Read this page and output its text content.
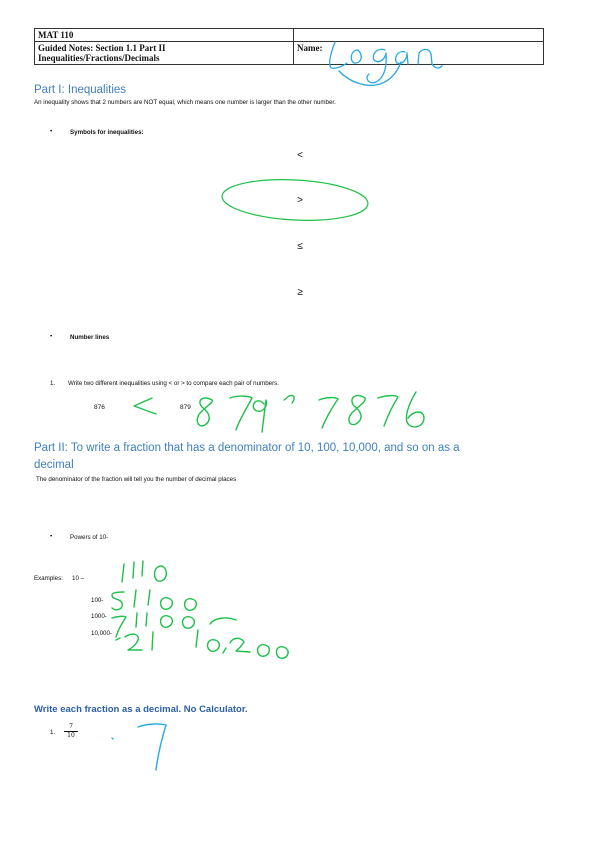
MAT 110	

Guided Notes: Section 1.1 Part II
Inequalities/Fractions/Decimals	Name:
Part I: Inequalities
An inequality shows that 2 numbers are NOT equal, which means one number is larger than the other number.
•	Symbols for inequalities:
<
>
≤
≥
•	Number lines
1. Write two different inequalities using < or > to compare each pair of numbers.
876	879
Part II: To write a fraction that has a denominator of 10, 100, 10,000, and so on as a
decimal
The denominator of the fraction will tell you the number of decimal places
•	Powers of 10-
Examples: 10 –
100-
1000-
10,000-
Write each fraction as a decimal. No Calculator.
1. $\frac{7}{10}$
